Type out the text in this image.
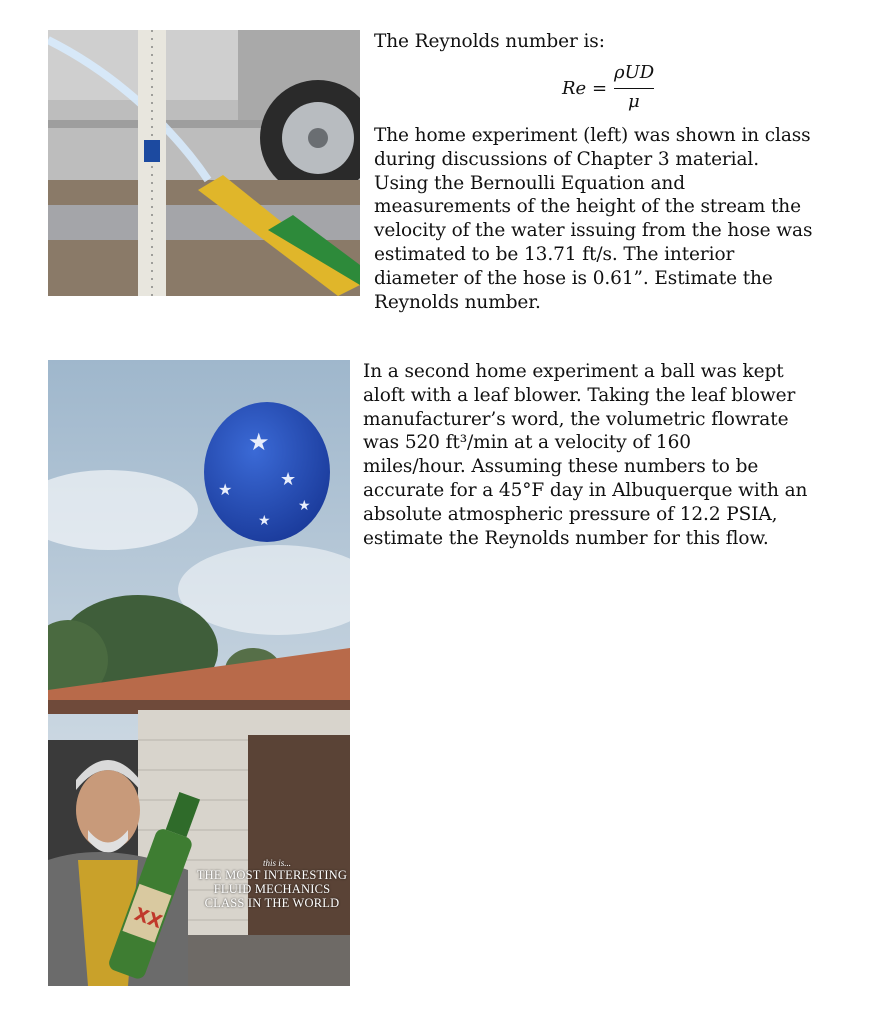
The Reynolds number is:
Re =
ρUD
μ
The home experiment (left) was shown in class
during discussions of Chapter 3 material.
Using the Bernoulli Equation and
measurements of the height of the stream the
velocity of the water issuing from the hose was
estimated to be 13.71 ft/s. The interior
diameter of the hose is 0.61”. Estimate the
Reynolds number.
★
★
★
★
★
XX
this is...
THE MOST INTERESTING
FLUID MECHANICS
CLASS IN THE WORLD
In a second home experiment a ball was kept
aloft with a leaf blower. Taking the leaf blower
manufacturer’s word, the volumetric flowrate
was 520 ft³/min at a velocity of 160
miles/hour. Assuming these numbers to be
accurate for a 45°F day in Albuquerque with an
absolute atmospheric pressure of 12.2 PSIA,
estimate the Reynolds number for this flow.
